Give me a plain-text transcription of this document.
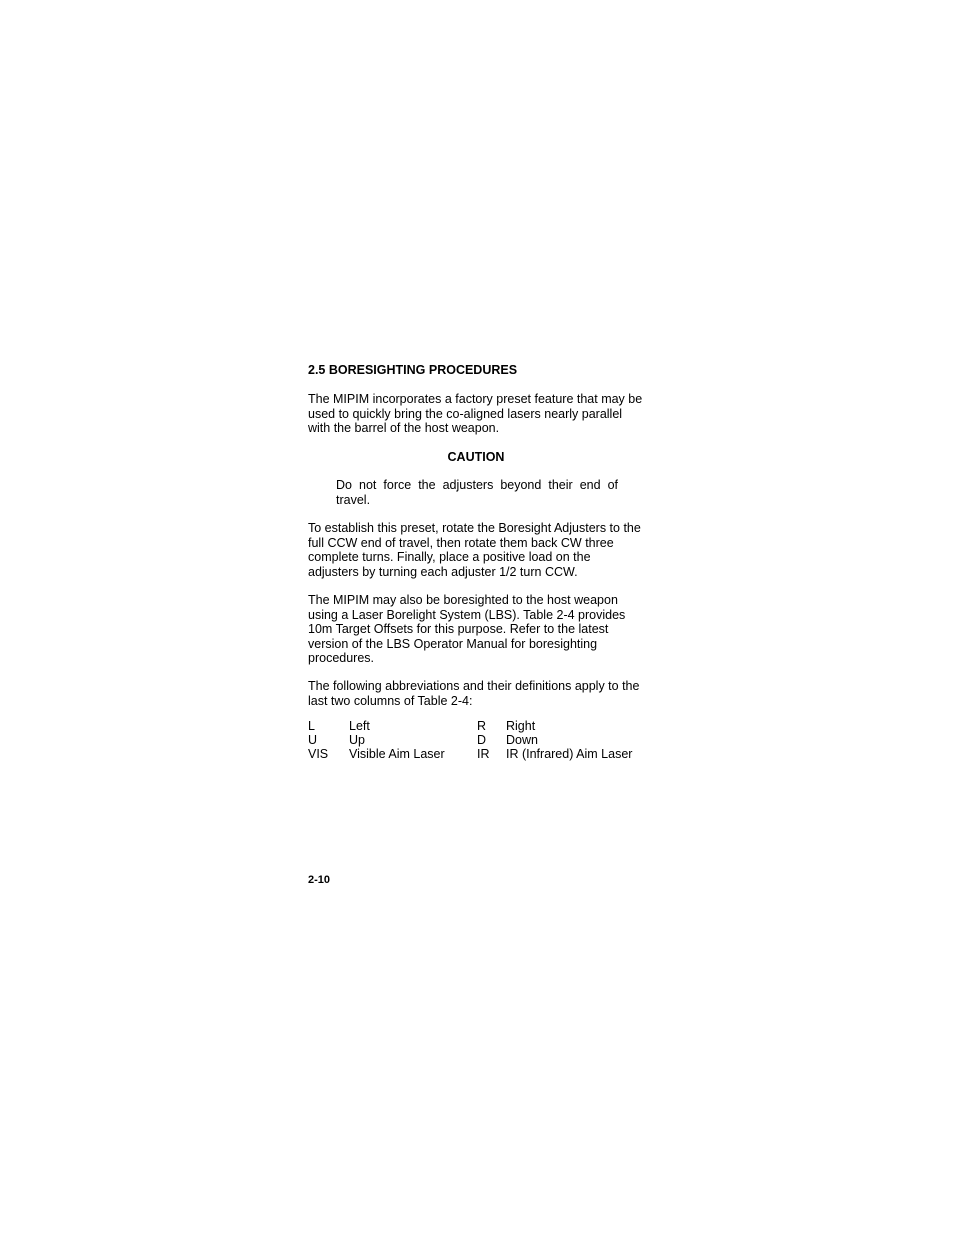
2.5 BORESIGHTING PROCEDURES
The MIPIM incorporates a factory preset feature that may be
used to quickly bring the co-aligned lasers nearly parallel
with the barrel of the host weapon.
CAUTION
Do not force the adjusters beyond their end of
travel.
To establish this preset, rotate the Boresight Adjusters to the
full CCW end of travel, then rotate them back CW three
complete turns. Finally, place a positive load on the
adjusters by turning each adjuster 1/2 turn CCW.
The MIPIM may also be boresighted to the host weapon
using a Laser Borelight System (LBS). Table 2-4 provides
10m Target Offsets for this purpose. Refer to the latest
version of the LBS Operator Manual for boresighting
procedures.
The following abbreviations and their definitions apply to the
last two columns of Table 2-4:
L	Left	R Right
U	Up	D Down
VIS Visible Aim Laser	IR IR (Infrared) Aim Laser
2-10
